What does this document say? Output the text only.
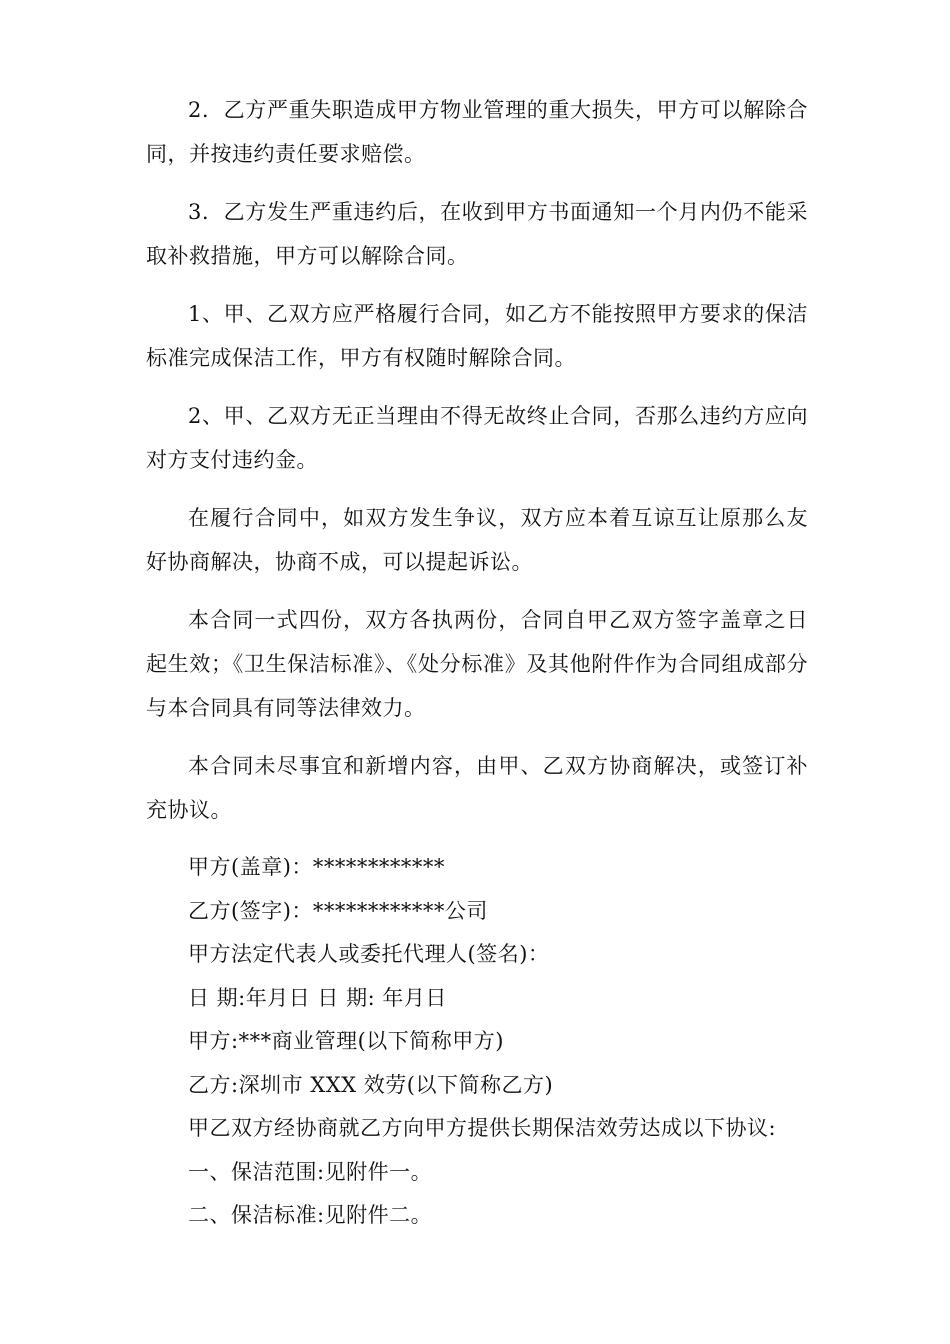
2．乙方严重失职造成甲方物业管理的重大损失，甲方可以解除合同，并按违约责任要求赔偿。

3．乙方发生严重违约后，在收到甲方书面通知一个月内仍不能采取补救措施，甲方可以解除合同。

1、甲、乙双方应严格履行合同，如乙方不能按照甲方要求的保洁标准完成保洁工作，甲方有权随时解除合同。

2、甲、乙双方无正当理由不得无故终止合同，否那么违约方应向对方支付违约金。

在履行合同中，如双方发生争议，双方应本着互谅互让原那么友好协商解决，协商不成，可以提起诉讼。

本合同一式四份，双方各执两份，合同自甲乙双方签字盖章之日起生效；《卫生保洁标准》、《处分标准》及其他附件作为合同组成部分与本合同具有同等法律效力。

本合同未尽事宜和新增内容，由甲、乙双方协商解决，或签订补充协议。

甲方(盖章)：************

乙方(签字)：************公司

甲方法定代表人或委托代理人(签名)：

日 期:年月日 日 期: 年月日

甲方:***商业管理(以下简称甲方)

乙方:深圳市 XXX 效劳(以下简称乙方)

甲乙双方经协商就乙方向甲方提供长期保洁效劳达成以下协议:

一、保洁范围:见附件一。

二、保洁标准:见附件二。
